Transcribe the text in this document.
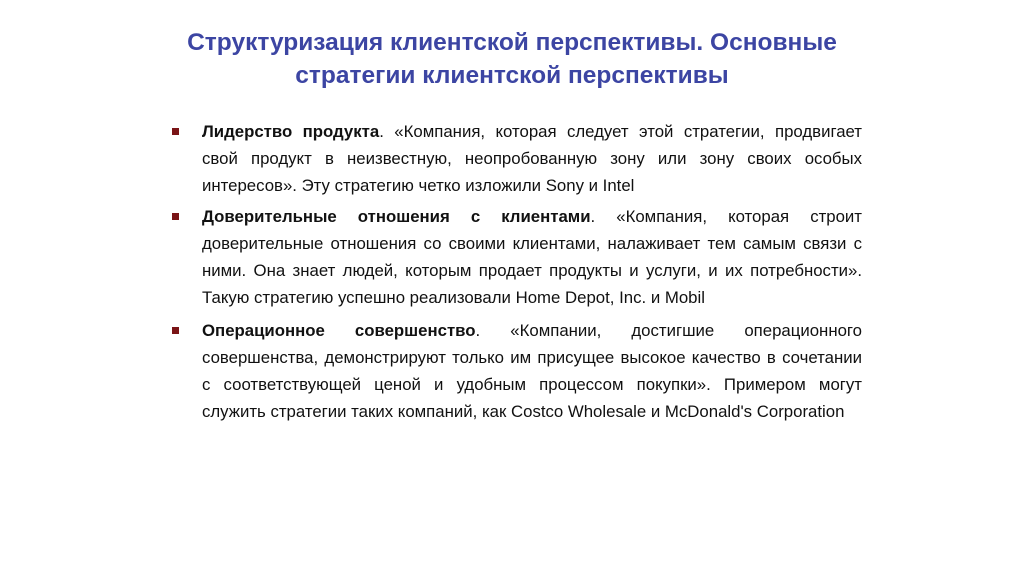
Структуризация клиентской перспективы. Основные
стратегии клиентской перспективы
Лидерство продукта. «Компания, которая следует этой стратегии, продвигает свой продукт в неизвестную, неопробованную зону или зону своих особых интересов». Эту стратегию четко изложили Sony и Intel
Доверительные отношения с клиентами. «Компания, которая строит доверительные отношения со своими клиентами, налаживает тем самым связи с ними. Она знает людей, которым продает продукты и услуги, и их потребности». Такую стратегию успешно реализовали Home Depot, Inc. и Mobil
Операционное совершенство. «Компании, достигшие операционного совершенства, демонстрируют только им присущее высокое качество в сочетании с соответствующей ценой и удобным процессом покупки». Примером могут служить стратегии таких компаний, как Costco Wholesale и McDonald's Corporation
